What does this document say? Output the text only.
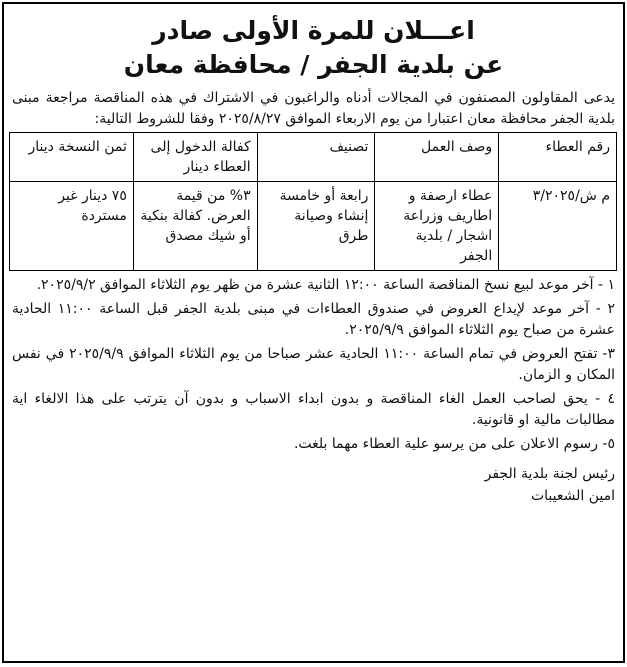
اعـــلان للمرة الأولى صادر
عن بلدية الجفر / محافظة معان
يدعى المقاولون المصنفون في المجالات أدناه والراغبون في الاشتراك في هذه المناقصة مراجعة مبنى بلدية الجفر محافظة معان اعتبارا من يوم الاربعاء الموافق ٢٠٢٥/٨/٢٧ وفقا للشروط التالية:
رقم العطاء	وصف العمل	تصنيف	كفالة الدخول إلى العطاء دينار	ثمن النسخة دينار
م ش/٣/٢٠٢٥	عطاء ارصفة و اطاريف وزراعة اشجار / بلدية الجفر	رابعة أو خامسة إنشاء وصيانة طرق	٣% من قيمة العرض. كفالة بنكية أو شيك مصدق	٧٥ دينار غير مستردة

١ - آخر موعد لبيع نسخ المناقصة الساعة ١٢:٠٠ الثانية عشرة من ظهر يوم الثلاثاء الموافق ٢٠٢٥/٩/٢.

٢ - آخر موعد لإيداع العروض في صندوق العطاءات في مبنى بلدية الجفر قبل الساعة ١١:٠٠ الحادية عشرة من صباح يوم الثلاثاء الموافق ٢٠٢٥/٩/٩.

٣- تفتح العروض في تمام الساعة ١١:٠٠ الحادية عشر صباحا من يوم الثلاثاء الموافق ٢٠٢٥/٩/٩ في نفس المكان و الزمان.

٤ - يحق لصاحب العمل الغاء المناقصة و بدون ابداء الاسباب و بدون آن يترتب على هذا الالغاء اية مطالبات مالية او قانونية.

٥- رسوم الاعلان على من يرسو علية العطاء مهما بلغت.

رئيس لجنة بلدية الجفر
امين الشعيبات
